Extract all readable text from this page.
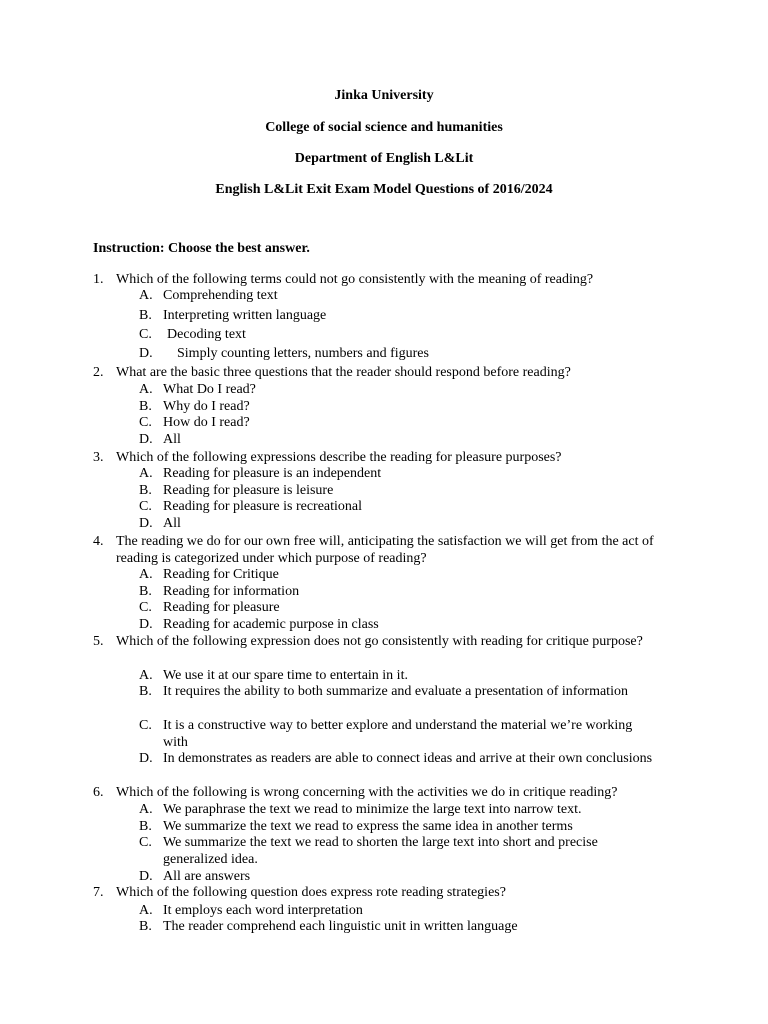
Jinka University
College of social science and humanities
Department of English L&Lit
English L&Lit Exit Exam Model Questions of 2016/2024
Instruction: Choose the best answer.
1. Which of the following terms could not go consistently with the meaning of reading?
A. Comprehending text
B. Interpreting written language
C. Decoding text
D. Simply counting letters, numbers and figures
2. What are the basic three questions that the reader should respond before reading?
A. What Do I read?
B. Why do I read?
C. How do I read?
D. All
3. Which of the following expressions describe the reading for pleasure purposes?
A. Reading for pleasure is an independent
B. Reading for pleasure is leisure
C. Reading for pleasure is recreational
D. All
4. The reading we do for our own free will, anticipating the satisfaction we will get from the act of reading is categorized under which purpose of reading?
A. Reading for Critique
B. Reading for information
C. Reading for pleasure
D. Reading for academic purpose in class
5. Which of the following expression does not go consistently with reading for critique purpose?
A. We use it at our spare time to entertain in it.
B. It requires the ability to both summarize and evaluate a presentation of information
C. It is a constructive way to better explore and understand the material we’re working with
D. In demonstrates as readers are able to connect ideas and arrive at their own conclusions
6. Which of the following is wrong concerning with the activities we do in critique reading?
A. We paraphrase the text we read to minimize the large text into narrow text.
B. We summarize the text we read to express the same idea in another terms
C. We summarize the text we read to shorten the large text into short and precise generalized idea.
D. All are answers
7. Which of the following question does express rote reading strategies?
A. It employs each word interpretation
B. The reader comprehend each linguistic unit in written language
